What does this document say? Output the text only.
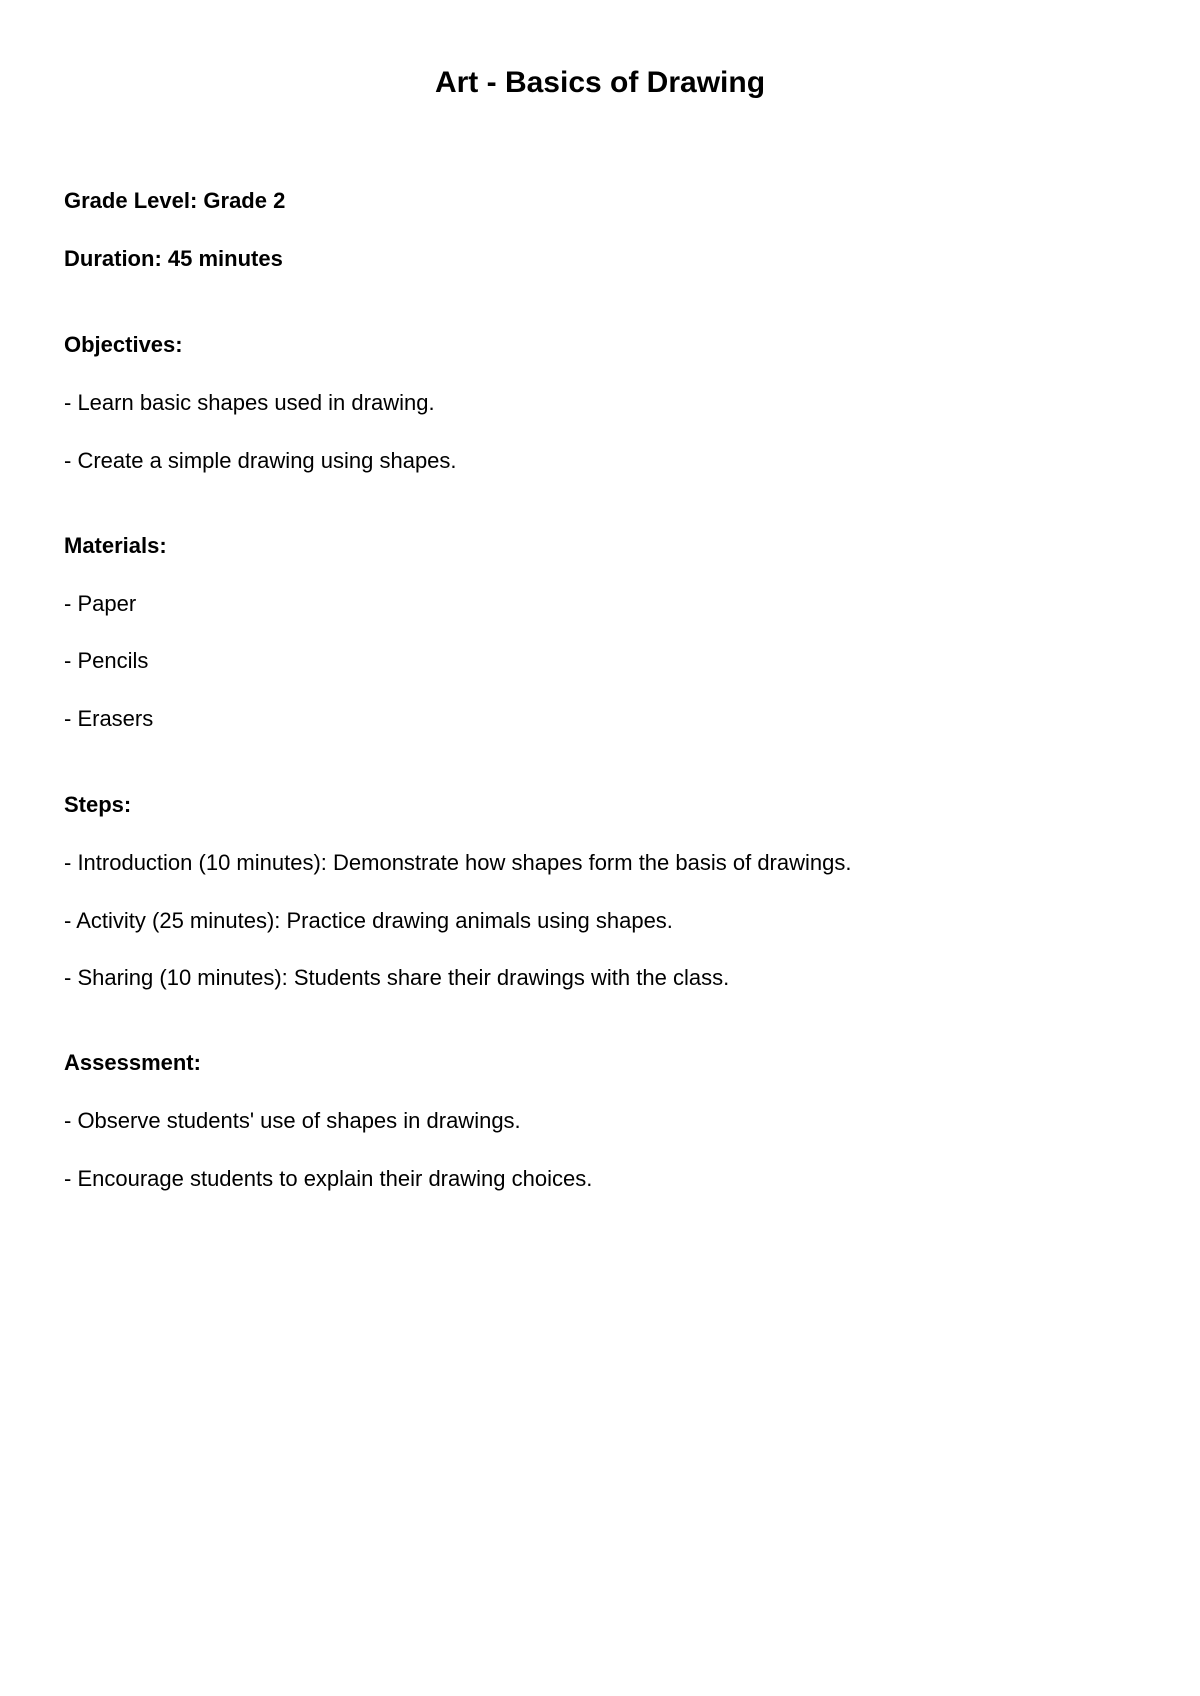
Art - Basics of Drawing

Grade Level: Grade 2

Duration: 45 minutes

Objectives:

- Learn basic shapes used in drawing.

- Create a simple drawing using shapes.

Materials:

- Paper

- Pencils

- Erasers

Steps:

- Introduction (10 minutes): Demonstrate how shapes form the basis of drawings.

- Activity (25 minutes): Practice drawing animals using shapes.

- Sharing (10 minutes): Students share their drawings with the class.

Assessment:

- Observe students' use of shapes in drawings.

- Encourage students to explain their drawing choices.
